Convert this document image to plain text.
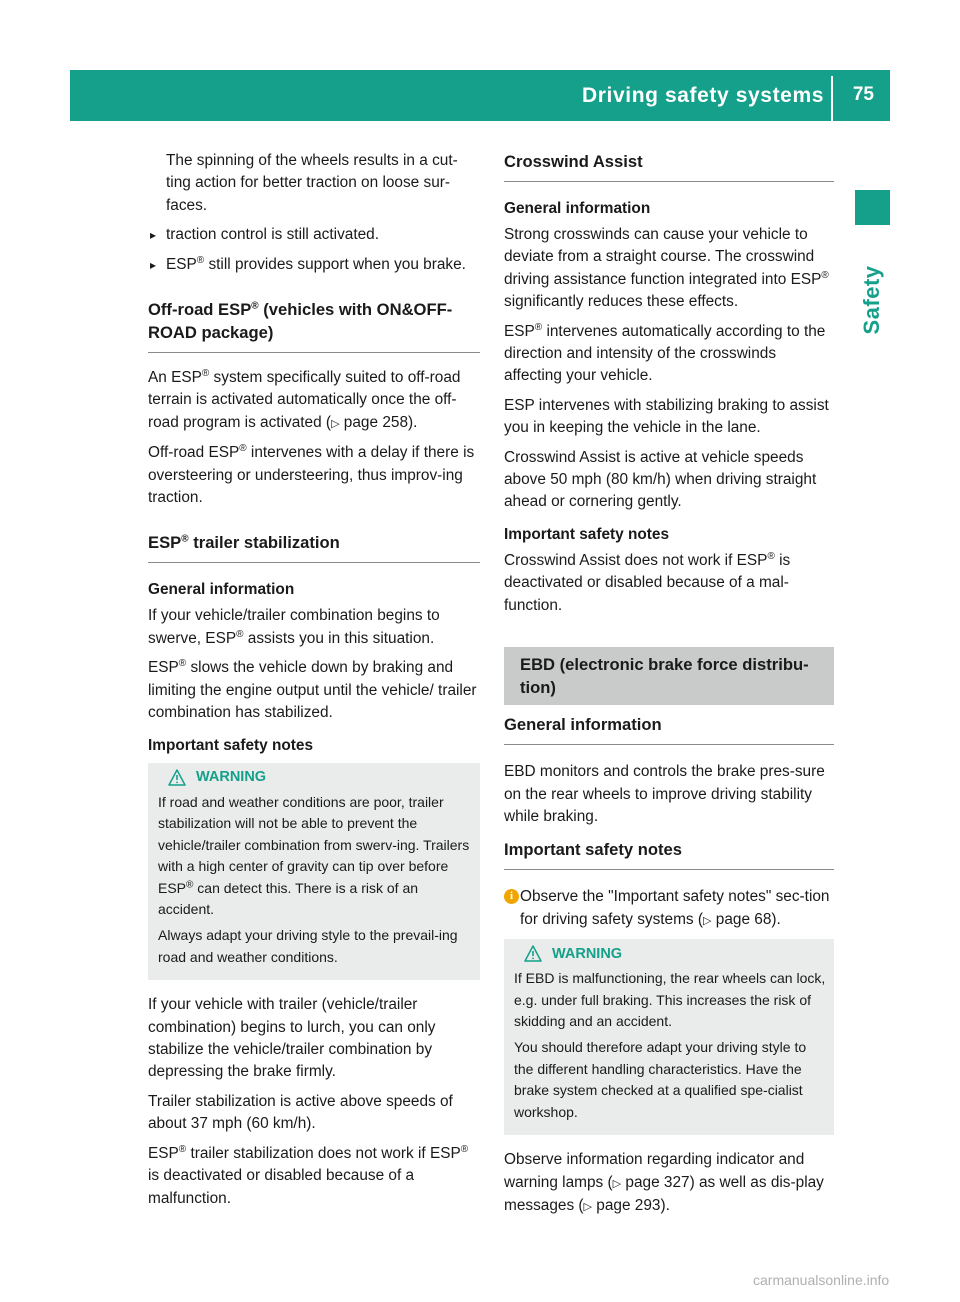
Driving safety systems 75
Safety

The spinning of the wheels results in a cut-ting action for better traction on loose sur-faces.

▸ traction control is still activated.

▸ ESP® still provides support when you brake.

Off-road ESP® (vehicles with ON&OFF-ROAD package)

An ESP® system specifically suited to off-road terrain is activated automatically once the off-road program is activated (▷ page 258).

Off-road ESP® intervenes with a delay if there is oversteering or understeering, thus improv-ing traction.

ESP® trailer stabilization
General information

If your vehicle/trailer combination begins to swerve, ESP® assists you in this situation.

ESP® slows the vehicle down by braking and limiting the engine output until the vehicle/ trailer combination has stabilized.

Important safety notes
WARNING

If road and weather conditions are poor, trailer stabilization will not be able to prevent the vehicle/trailer combination from swerv-ing. Trailers with a high center of gravity can tip over before ESP® can detect this. There is a risk of an accident.

Always adapt your driving style to the prevail-ing road and weather conditions.

If your vehicle with trailer (vehicle/trailer combination) begins to lurch, you can only stabilize the vehicle/trailer combination by depressing the brake firmly.

Trailer stabilization is active above speeds of about 37 mph (60 km/h).

ESP® trailer stabilization does not work if ESP® is deactivated or disabled because of a malfunction.

Crosswind Assist
General information

Strong crosswinds can cause your vehicle to deviate from a straight course. The crosswind driving assistance function integrated into ESP® significantly reduces these effects.

ESP® intervenes automatically according to the direction and intensity of the crosswinds affecting your vehicle.

ESP intervenes with stabilizing braking to assist you in keeping the vehicle in the lane.

Crosswind Assist is active at vehicle speeds above 50 mph (80 km/h) when driving straight ahead or cornering gently.

Important safety notes

Crosswind Assist does not work if ESP® is deactivated or disabled because of a mal-function.

EBD (electronic brake force distribu-tion)
General information

EBD monitors and controls the brake pres-sure on the rear wheels to improve driving stability while braking.

Important safety notes

i Observe the "Important safety notes" sec-tion for driving safety systems (▷ page 68).

WARNING

If EBD is malfunctioning, the rear wheels can lock, e.g. under full braking. This increases the risk of skidding and an accident.

You should therefore adapt your driving style to the different handling characteristics. Have the brake system checked at a qualified spe-cialist workshop.

Observe information regarding indicator and warning lamps (▷ page 327) as well as dis-play messages (▷ page 293).

carmanualsonline.info
